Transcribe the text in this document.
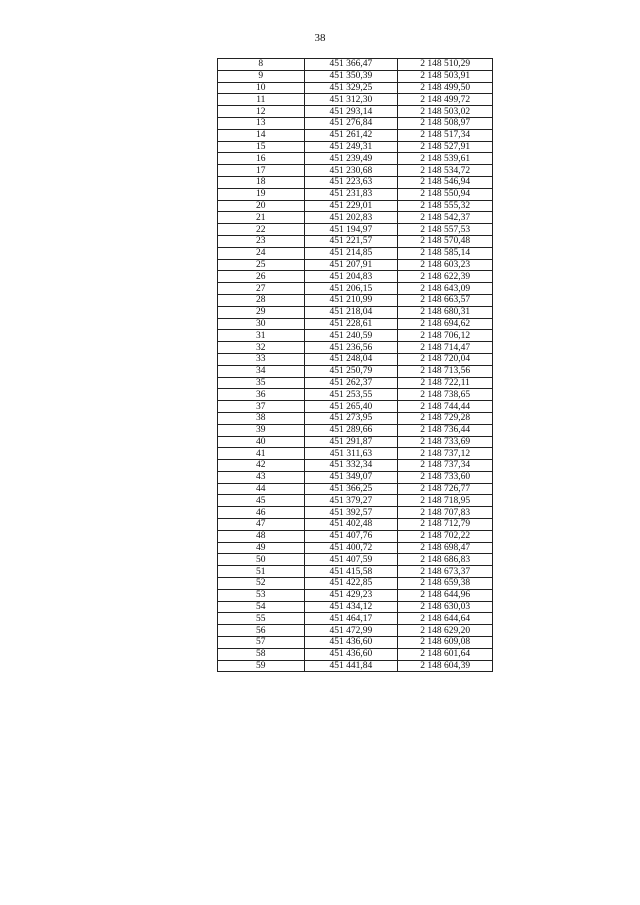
38
8	451 366,47	2 148 510,29
9	451 350,39	2 148 503,91
10	451 329,25	2 148 499,50
11	451 312,30	2 148 499,72
12	451 293,14	2 148 503,02
13	451 276,84	2 148 508,97
14	451 261,42	2 148 517,34
15	451 249,31	2 148 527,91
16	451 239,49	2 148 539,61
17	451 230,68	2 148 534,72
18	451 223,63	2 148 546,94
19	451 231,83	2 148 550,94
20	451 229,01	2 148 555,32
21	451 202,83	2 148 542,37
22	451 194,97	2 148 557,53
23	451 221,57	2 148 570,48
24	451 214,85	2 148 585,14
25	451 207,91	2 148 603,23
26	451 204,83	2 148 622,39
27	451 206,15	2 148 643,09
28	451 210,99	2 148 663,57
29	451 218,04	2 148 680,31
30	451 228,61	2 148 694,62
31	451 240,59	2 148 706,12
32	451 236,56	2 148 714,47
33	451 248,04	2 148 720,04
34	451 250,79	2 148 713,56
35	451 262,37	2 148 722,11
36	451 253,55	2 148 738,65
37	451 265,40	2 148 744,44
38	451 273,95	2 148 729,28
39	451 289,66	2 148 736,44
40	451 291,87	2 148 733,69
41	451 311,63	2 148 737,12
42	451 332,34	2 148 737,34
43	451 349,07	2 148 733,60
44	451 366,25	2 148 726,77
45	451 379,27	2 148 718,95
46	451 392,57	2 148 707,83
47	451 402,48	2 148 712,79
48	451 407,76	2 148 702,22
49	451 400,72	2 148 698,47
50	451 407,59	2 148 686,83
51	451 415,58	2 148 673,37
52	451 422,85	2 148 659,38
53	451 429,23	2 148 644,96
54	451 434,12	2 148 630,03
55	451 464,17	2 148 644,64
56	451 472,99	2 148 629,20
57	451 436,60	2 148 609,08
58	451 436,60	2 148 601,64
59	451 441,84	2 148 604,39
